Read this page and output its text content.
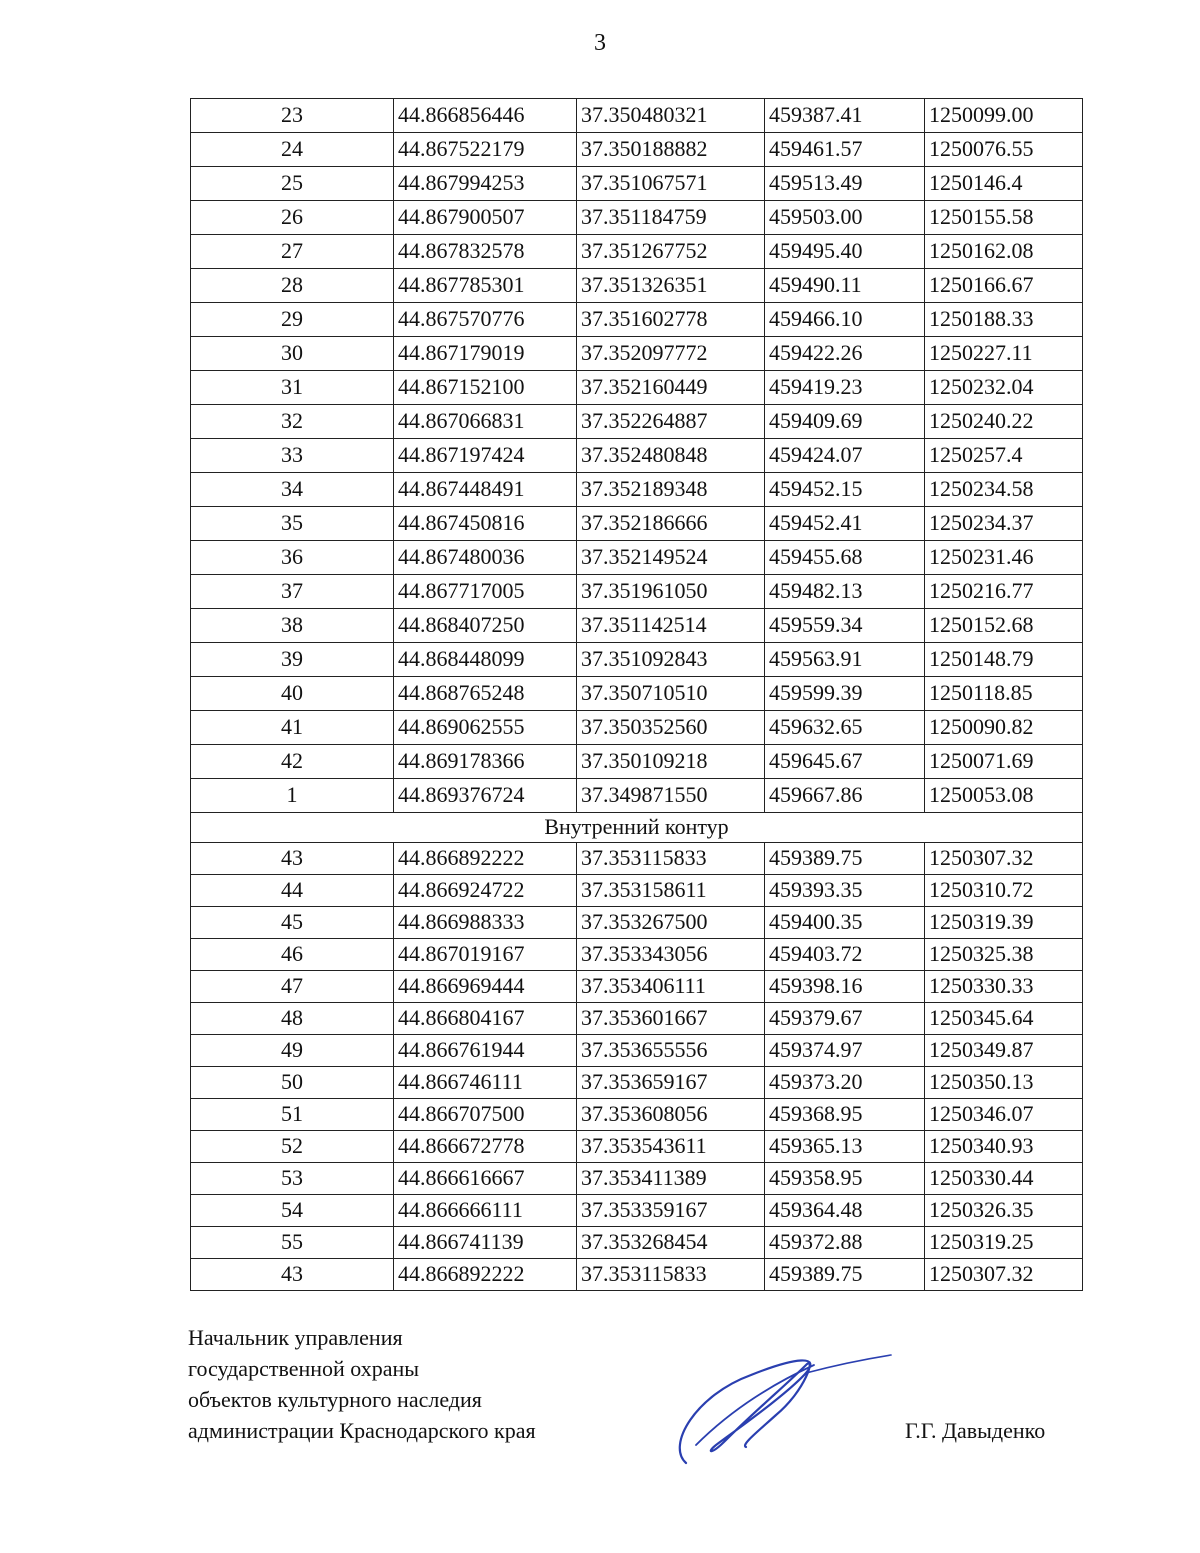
3
23	44.866856446	37.350480321	459387.41	1250099.00
24	44.867522179	37.350188882	459461.57	1250076.55
25	44.867994253	37.351067571	459513.49	1250146.4
26	44.867900507	37.351184759	459503.00	1250155.58
27	44.867832578	37.351267752	459495.40	1250162.08
28	44.867785301	37.351326351	459490.11	1250166.67
29	44.867570776	37.351602778	459466.10	1250188.33
30	44.867179019	37.352097772	459422.26	1250227.11
31	44.867152100	37.352160449	459419.23	1250232.04
32	44.867066831	37.352264887	459409.69	1250240.22
33	44.867197424	37.352480848	459424.07	1250257.4
34	44.867448491	37.352189348	459452.15	1250234.58
35	44.867450816	37.352186666	459452.41	1250234.37
36	44.867480036	37.352149524	459455.68	1250231.46
37	44.867717005	37.351961050	459482.13	1250216.77
38	44.868407250	37.351142514	459559.34	1250152.68
39	44.868448099	37.351092843	459563.91	1250148.79
40	44.868765248	37.350710510	459599.39	1250118.85
41	44.869062555	37.350352560	459632.65	1250090.82
42	44.869178366	37.350109218	459645.67	1250071.69
1	44.869376724	37.349871550	459667.86	1250053.08
Внутренний контур				
43	44.866892222	37.353115833	459389.75	1250307.32
44	44.866924722	37.353158611	459393.35	1250310.72
45	44.866988333	37.353267500	459400.35	1250319.39
46	44.867019167	37.353343056	459403.72	1250325.38
47	44.866969444	37.353406111	459398.16	1250330.33
48	44.866804167	37.353601667	459379.67	1250345.64
49	44.866761944	37.353655556	459374.97	1250349.87
50	44.866746111	37.353659167	459373.20	1250350.13
51	44.866707500	37.353608056	459368.95	1250346.07
52	44.866672778	37.353543611	459365.13	1250340.93
53	44.866616667	37.353411389	459358.95	1250330.44
54	44.866666111	37.353359167	459364.48	1250326.35
55	44.866741139	37.353268454	459372.88	1250319.25
43	44.866892222	37.353115833	459389.75	1250307.32
Начальник управления
государственной охраны
объектов культурного наследия
администрации Краснодарского края	Г.Г. Давыденко
